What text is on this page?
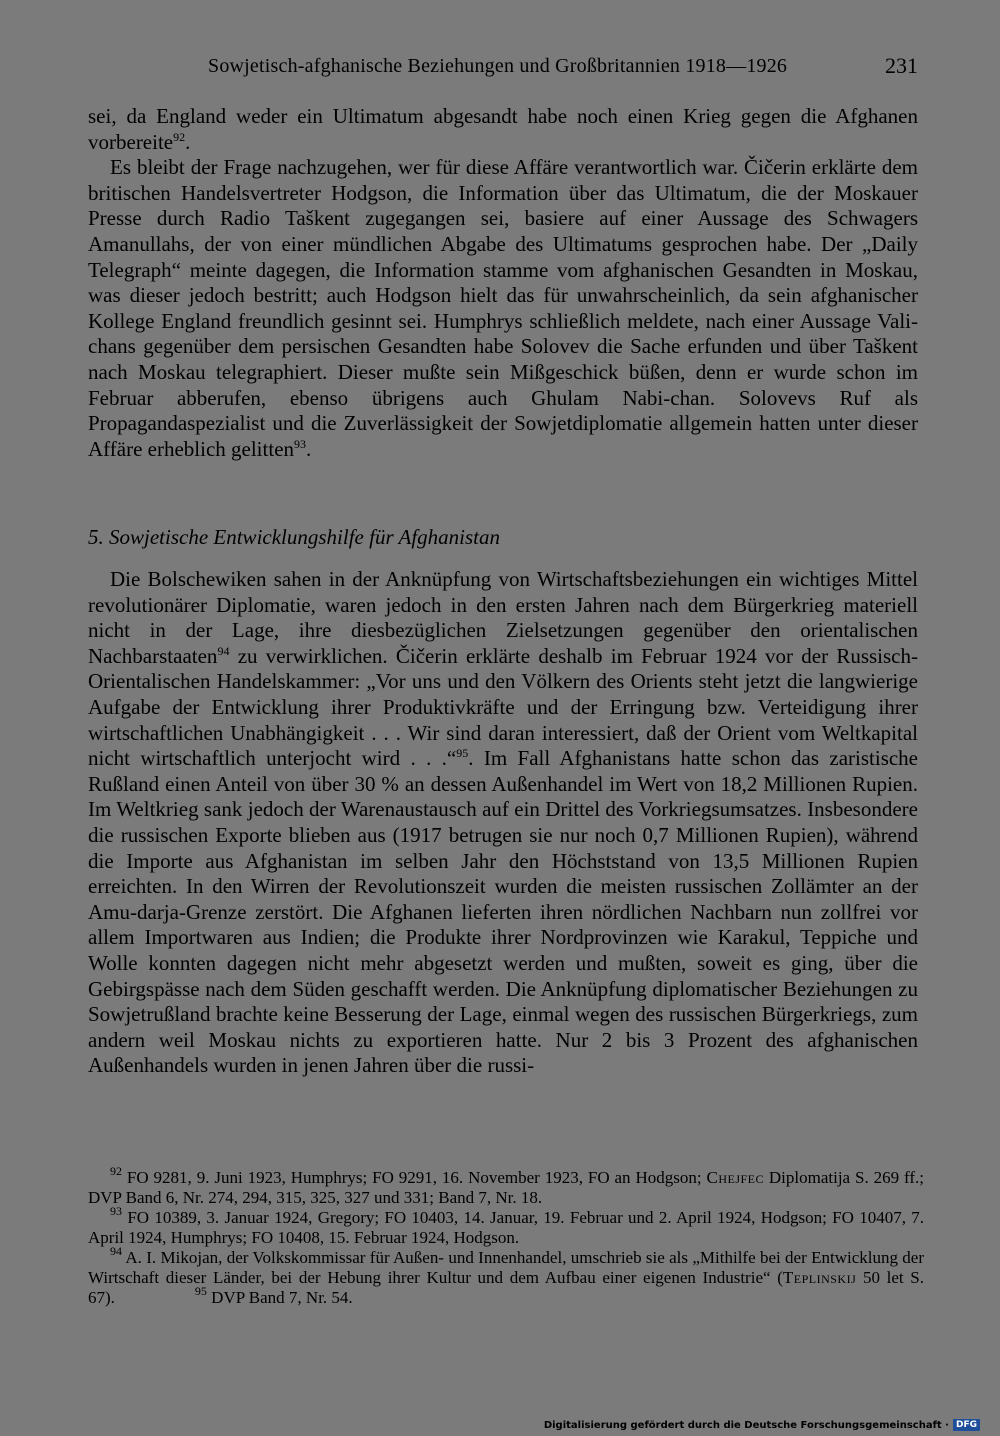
Sowjetisch-afghanische Beziehungen und Großbritannien 1918—1926	231

sei, da England weder ein Ultimatum abgesandt habe noch einen Krieg gegen die Afghanen vorbereite$^{92}$.

Es bleibt der Frage nachzugehen, wer für diese Affäre verantwortlich war. Čičerin erklärte dem britischen Handelsvertreter Hodgson, die Information über das Ultimatum, die der Moskauer Presse durch Radio Taškent zugegangen sei, basiere auf einer Aussage des Schwagers Amanullahs, der von einer mündlichen Abgabe des Ultimatums gesprochen habe. Der „Daily Telegraph“ meinte dagegen, die Information stamme vom afghanischen Gesandten in Moskau, was dieser jedoch bestritt; auch Hodgson hielt das für unwahrscheinlich, da sein afghanischer Kollege England freundlich gesinnt sei. Humphrys schließlich meldete, nach einer Aussage Vali-chans gegenüber dem persischen Gesandten habe Solovev die Sache erfunden und über Taškent nach Moskau telegraphiert. Dieser mußte sein Mißgeschick büßen, denn er wurde schon im Februar abberufen, ebenso übrigens auch Ghulam Nabi-chan. Solovevs Ruf als Propagandaspezialist und die Zuverlässigkeit der Sowjetdiplomatie allgemein hatten unter dieser Affäre erheblich gelitten$^{93}$.

5. Sowjetische Entwicklungshilfe für Afghanistan

Die Bolschewiken sahen in der Anknüpfung von Wirtschaftsbeziehungen ein wichtiges Mittel revolutionärer Diplomatie, waren jedoch in den ersten Jahren nach dem Bürgerkrieg materiell nicht in der Lage, ihre diesbezüglichen Zielsetzungen gegenüber den orientalischen Nachbarstaaten$^{94}$ zu verwirklichen. Čičerin erklärte deshalb im Februar 1924 vor der Russisch-Orientalischen Handelskammer: „Vor uns und den Völkern des Orients steht jetzt die langwierige Aufgabe der Entwicklung ihrer Produktivkräfte und der Erringung bzw. Verteidigung ihrer wirtschaftlichen Unabhängigkeit . . . Wir sind daran interessiert, daß der Orient vom Weltkapital nicht wirtschaftlich unterjocht wird . . .“$^{95}$. Im Fall Afghanistans hatte schon das zaristische Rußland einen Anteil von über 30 % an dessen Außenhandel im Wert von 18,2 Millionen Rupien. Im Weltkrieg sank jedoch der Warenaustausch auf ein Drittel des Vorkriegsumsatzes. Insbesondere die russischen Exporte blieben aus (1917 betrugen sie nur noch 0,7 Millionen Rupien), während die Importe aus Afghanistan im selben Jahr den Höchststand von 13,5 Millionen Rupien erreichten. In den Wirren der Revolutionszeit wurden die meisten russischen Zollämter an der Amu-darja-Grenze zerstört. Die Afghanen lieferten ihren nördlichen Nachbarn nun zollfrei vor allem Importwaren aus Indien; die Produkte ihrer Nordprovinzen wie Karakul, Teppiche und Wolle konnten dagegen nicht mehr abgesetzt werden und mußten, soweit es ging, über die Gebirgspässe nach dem Süden geschafft werden. Die Anknüpfung diplomatischer Beziehungen zu Sowjetrußland brachte keine Besserung der Lage, einmal wegen des russischen Bürgerkriegs, zum andern weil Moskau nichts zu exportieren hatte. Nur 2 bis 3 Prozent des afghanischen Außenhandels wurden in jenen Jahren über die russi-

$^{92}$ FO 9281, 9. Juni 1923, Humphrys; FO 9291, 16. November 1923, FO an Hodgson; Chejfec Diplomatija S. 269 ff.; DVP Band 6, Nr. 274, 294, 315, 325, 327 und 331; Band 7, Nr. 18.

$^{93}$ FO 10389, 3. Januar 1924, Gregory; FO 10403, 14. Januar, 19. Februar und 2. April 1924, Hodgson; FO 10407, 7. April 1924, Humphrys; FO 10408, 15. Februar 1924, Hodgson.

$^{94}$ A. I. Mikojan, der Volkskommissar für Außen- und Innenhandel, umschrieb sie als „Mithilfe bei der Entwicklung der Wirtschaft dieser Länder, bei der Hebung ihrer Kultur und dem Aufbau einer eigenen Industrie“ (Teplinskij 50 let S. 67).	$^{95}$ DVP Band 7, Nr. 54.

Digitalisierung gefördert durch die Deutsche Forschungsgemeinschaft · DFG
